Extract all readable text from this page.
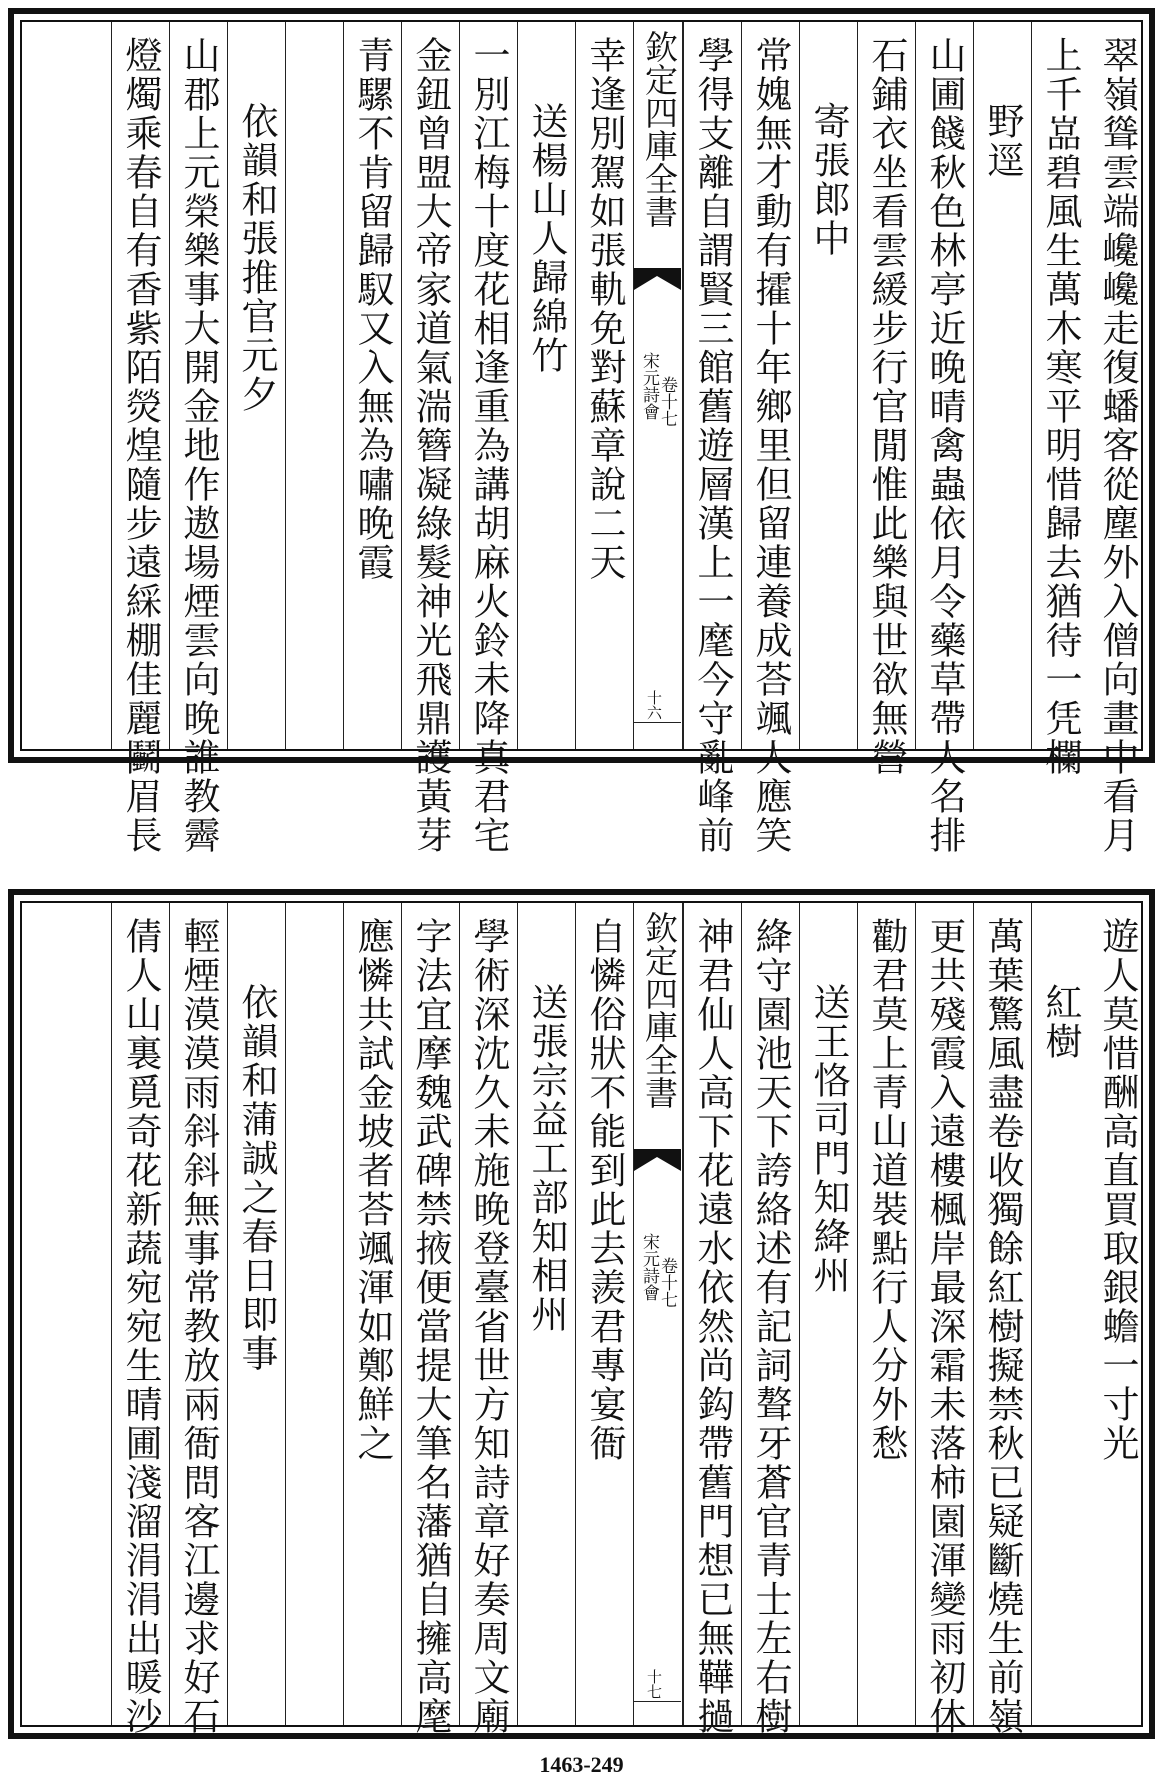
翠嶺聳雲端巉巉走復蟠客從塵外入僧向畫中看月
上千嵓碧風生萬木寒平明惜歸去猶待一凭欄
野逕
山圃餞秋色林亭近晚晴禽蟲依月令藥草帶人名排
石鋪衣坐看雲緩步行官閒惟此樂與世欲無營
寄張郎中
常媿無才動有攉十年鄉里但留連養成荅颯人應笑
學得支離自謂賢三館舊遊層漢上一麾今守亂峰前
欽定四庫全書
宋元詩會
卷十七
十六
幸逢別駕如張軌免對蘇章說二天
送楊山人歸綿竹
一別江梅十度花相逢重為講胡麻火鈴未降真君宅
金鈕曾盟大帝家道氣湍簪凝綠髮神光飛鼎護黃芽
青騾不肯留歸馭又入無為嘯晚霞
依韻和張推官元夕
山郡上元榮樂事大開金地作遨場煙雲向晚誰教霽
燈燭乘春自有香紫陌熒煌隨步遠綵棚佳麗鬬眉長
遊人莫惜酬高直買取銀蟾一寸光
紅樹
萬葉驚風盡卷收獨餘紅樹擬禁秋已疑斷燒生前嶺
更共殘霞入遠樓楓岸最深霜未落柿園渾變雨初休
勸君莫上青山道裝點行人分外愁
送王恪司門知絳州
絳守園池天下誇絡述有記詞聱牙蒼官青士左右樹
神君仙人高下花遠水依然尚鈎帶舊門想已無鞾撾
欽定四庫全書
宋元詩會
卷十七
十七
自憐俗狀不能到此去羨君專宴衙
送張宗益工部知相州
學術深沈久未施晚登臺省世方知詩章好奏周文廟
字法宜摩魏武碑禁掖便當提大筆名藩猶自擁高麾
應憐共試金坡者荅颯渾如鄭鮮之
依韻和蒲誠之春日即事
輕煙漠漠雨斜斜無事常教放兩衙問客江邊求好石
倩人山裏覓奇花新蔬宛宛生晴圃淺溜涓涓出暖沙
1463-249
